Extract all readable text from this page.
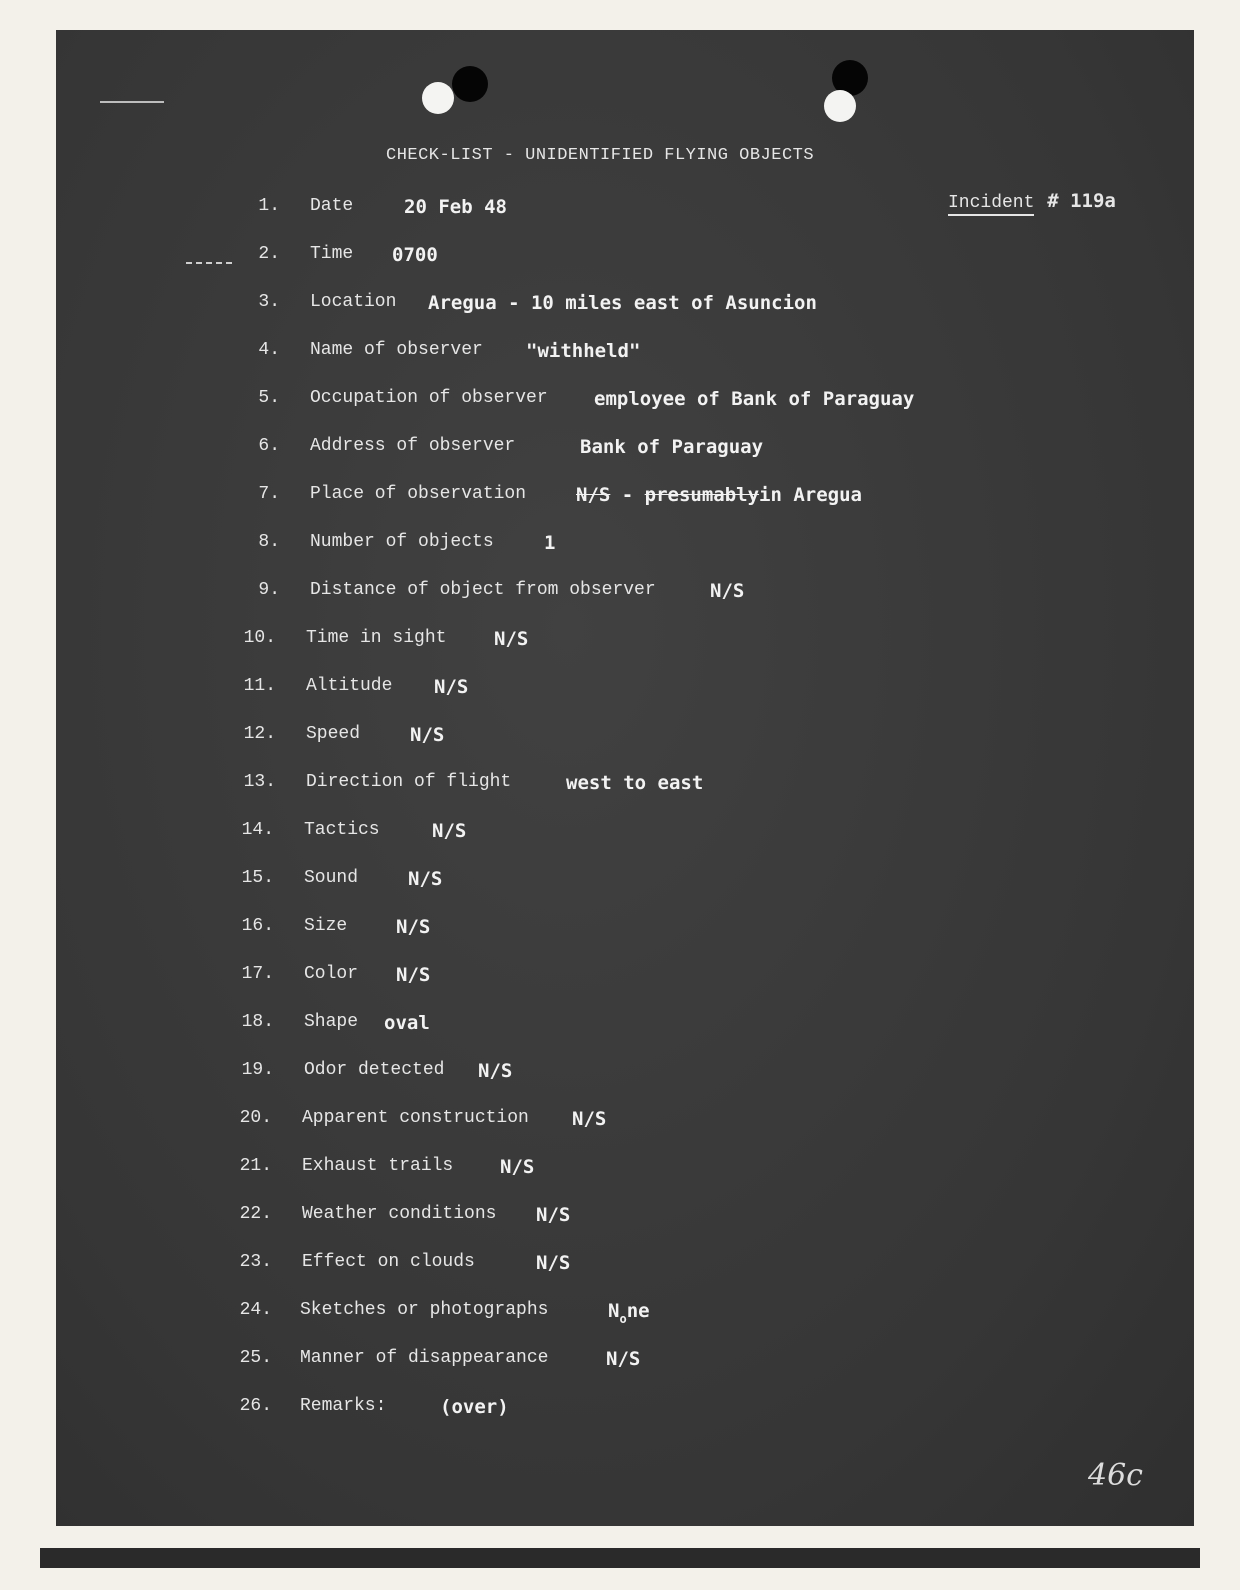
CHECK-LIST - UNIDENTIFIED FLYING OBJECTS
Incident # 119a
1. Date	20 Feb 48
2. Time 0700
3. Location Aregua - 10 miles east of Asuncion
4. Name of observer "withheld"
5. Occupation of observer employee of Bank of Paraguay
6. Address of observer	Bank of Paraguay
7. Place of observation	N/S - presumablyin Aregua
8. Number of objects	1
9. Distance of object from observer	N/S
10. Time in sight	N/S
11. Altitude N/S
12. Speed	N/S
13. Direction of flight	west to east
14. Tactics	N/S
15. Sound	N/S
16. Size	N/S
17. Color N/S
18. Shape oval
19. Odor detected N/S
20. Apparent construction N/S
21. Exhaust trails N/S
22. Weather conditions N/S
23. Effect on clouds	N/S
24. Sketches or photographs	$N_one$
25. Manner of disappearance	N/S
26. Remarks:	(over)
46c
